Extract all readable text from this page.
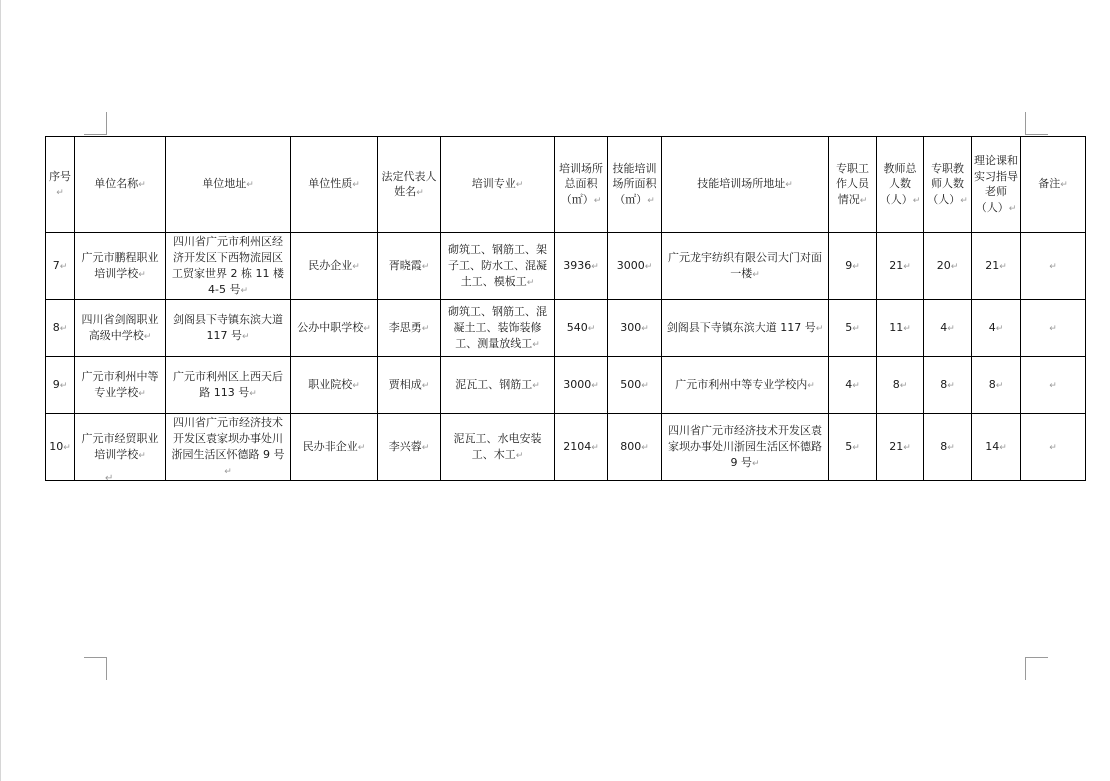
序号↵	单位名称↵	单位地址↵	单位性质↵	法定代表人姓名↵	培训专业↵	培训场所总面积（㎡）↵	技能培训场所面积（㎡）↵	技能培训场所地址↵	专职工作人员情况↵	教师总人数（人）↵	专职教师人数（人）↵	理论课和实习指导老师（人）↵	备注↵
7↵	广元市鹏程职业培训学校↵	四川省广元市利州区经济开发区下西物流园区工贸家世界 2 栋 11 楼 4-5 号↵	民办企业↵	胥晓霞↵	砌筑工、钢筋工、架子工、防水工、混凝土工、模板工↵	3936↵	3000↵	广元龙宇纺织有限公司大门对面一楼↵	9↵	21↵	20↵	21↵	↵
8↵	四川省剑阁职业高级中学校↵	剑阁县下寺镇东滨大道 117 号↵	公办中职学校↵	李思勇↵	砌筑工、钢筋工、混凝土工、装饰装修工、测量放线工↵	540↵	300↵	剑阁县下寺镇东滨大道 117 号↵	5↵	11↵	4↵	4↵	↵
9↵	广元市利州中等专业学校↵	广元市利州区上西天后路 113 号↵	职业院校↵	贾相成↵	泥瓦工、钢筋工↵	3000↵	500↵	广元市利州中等专业学校内↵	4↵	8↵	8↵	8↵	↵
10↵	广元市经贸职业培训学校↵	四川省广元市经济技术开发区袁家坝办事处川浙园生活区怀德路 9 号↵	民办非企业↵	李兴蓉↵	泥瓦工、水电安装工、木工↵	2104↵	800↵	四川省广元市经济技术开发区袁家坝办事处川浙园生活区怀德路 9 号↵	5↵	21↵	8↵	14↵	↵
↵
